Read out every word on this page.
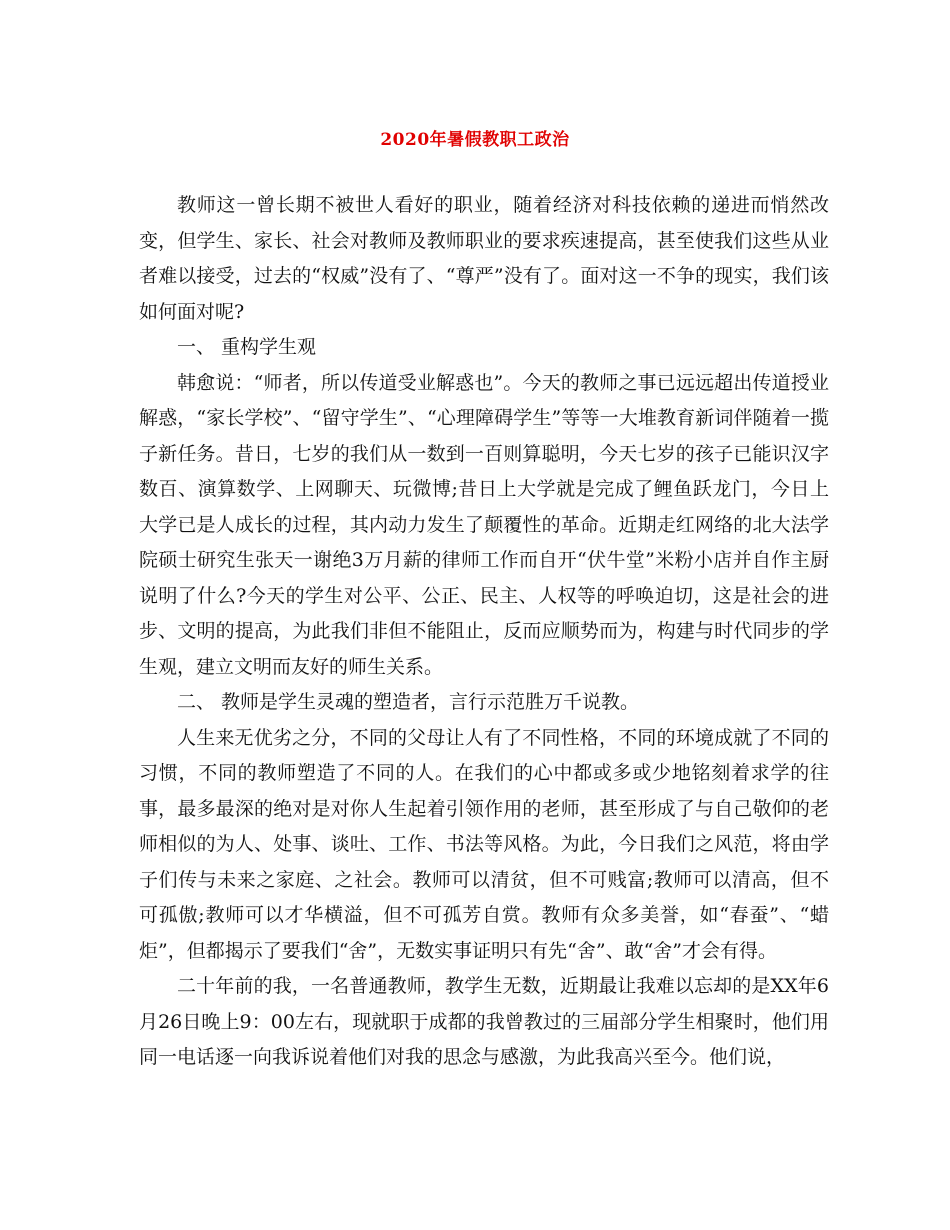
2020年暑假教职工政治

教师这一曾长期不被世人看好的职业，随着经济对科技依赖的递进而悄然改变，但学生、家长、社会对教师及教师职业的要求疾速提高，甚至使我们这些从业者难以接受，过去的“权威”没有了、“尊严”没有了。面对这一不争的现实，我们该如何面对呢?

一、 重构学生观

韩愈说：“师者，所以传道受业解惑也”。今天的教师之事已远远超出传道授业解惑，“家长学校”、“留守学生”、“心理障碍学生”等等一大堆教育新词伴随着一揽子新任务。昔日，七岁的我们从一数到一百则算聪明，今天七岁的孩子已能识汉字数百、演算数学、上网聊天、玩微博;昔日上大学就是完成了鲤鱼跃龙门，今日上大学已是人成长的过程，其内动力发生了颠覆性的革命。近期走红网络的北大法学院硕士研究生张天一谢绝3万月薪的律师工作而自开“伏牛堂”米粉小店并自作主厨说明了什么?今天的学生对公平、公正、民主、人权等的呼唤迫切，这是社会的进步、文明的提高，为此我们非但不能阻止，反而应顺势而为，构建与时代同步的学生观，建立文明而友好的师生关系。

二、 教师是学生灵魂的塑造者，言行示范胜万千说教。

人生来无优劣之分，不同的父母让人有了不同性格，不同的环境成就了不同的习惯，不同的教师塑造了不同的人。在我们的心中都或多或少地铭刻着求学的往事，最多最深的绝对是对你人生起着引领作用的老师，甚至形成了与自己敬仰的老师相似的为人、处事、谈吐、工作、书法等风格。为此，今日我们之风范，将由学子们传与未来之家庭、之社会。教师可以清贫，但不可贱富;教师可以清高，但不可孤傲;教师可以才华横溢，但不可孤芳自赏。教师有众多美誉，如“春蚕”、“蜡炬”，但都揭示了要我们“舍”，无数实事证明只有先“舍”、敢“舍”才会有得。

二十年前的我，一名普通教师，教学生无数，近期最让我难以忘却的是XX年6月26日晚上9：00左右，现就职于成都的我曾教过的三届部分学生相聚时，他们用同一电话逐一向我诉说着他们对我的思念与感激，为此我高兴至今。他们说，
